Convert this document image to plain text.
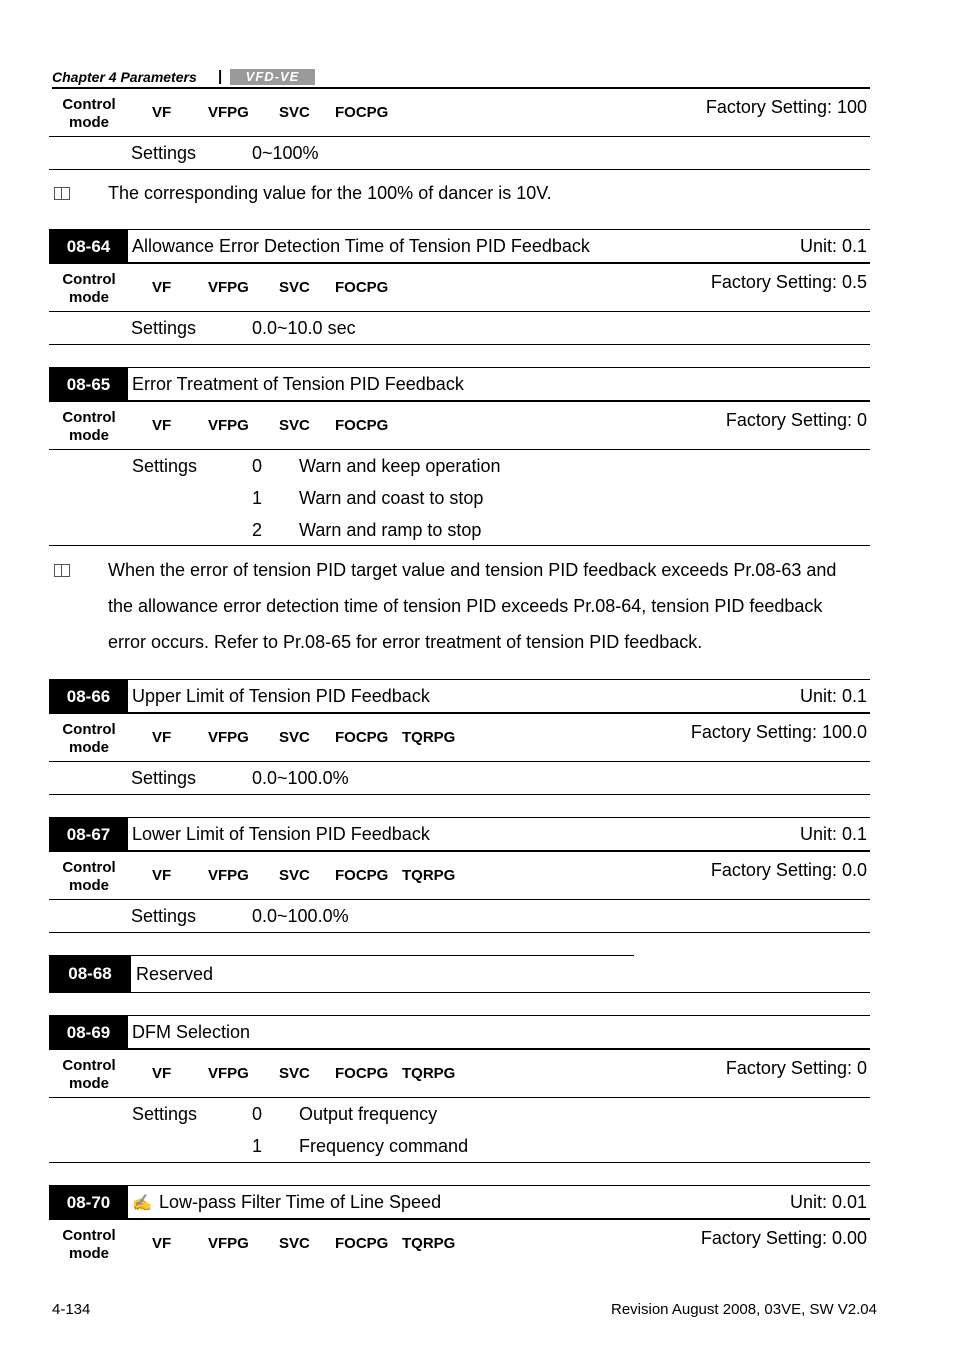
Chapter 4 Parameters |	VFD-VE
Control
mode
VF VFPG SVC FOCPG	Factory Setting: 100
Settings	0~100%
The corresponding value for the 100% of dancer is 10V.
08-64	Allowance Error Detection Time of Tension PID Feedback	Unit: 0.1
Control
mode
VF VFPG SVC FOCPG	Factory Setting: 0.5
Settings	0.0~10.0 sec
08-65	Error Treatment of Tension PID Feedback
Control
mode
VF VFPG SVC FOCPG	Factory Setting: 0
Settings	0 Warn and keep operation
1 Warn and coast to stop
2 Warn and ramp to stop
When the error of tension PID target value and tension PID feedback exceeds Pr.08-63 and
the allowance error detection time of tension PID exceeds Pr.08-64, tension PID feedback
error occurs. Refer to Pr.08-65 for error treatment of tension PID feedback.
08-66	Upper Limit of Tension PID Feedback	Unit: 0.1
Control
mode
VF VFPG SVC FOCPG TQRPG	Factory Setting: 100.0
Settings	0.0~100.0%
08-67	Lower Limit of Tension PID Feedback	Unit: 0.1
Control
mode
VF VFPG SVC FOCPG TQRPG	Factory Setting: 0.0
Settings	0.0~100.0%
08-68	Reserved
08-69	DFM Selection
Control
mode
VF VFPG SVC FOCPG TQRPG	Factory Setting: 0
Settings	0 Output frequency
1 Frequency command
08-70	✍ Low-pass Filter Time of Line Speed	Unit: 0.01
Control
mode
VF VFPG SVC FOCPG TQRPG	Factory Setting: 0.00
4-134	Revision August 2008, 03VE, SW V2.04
